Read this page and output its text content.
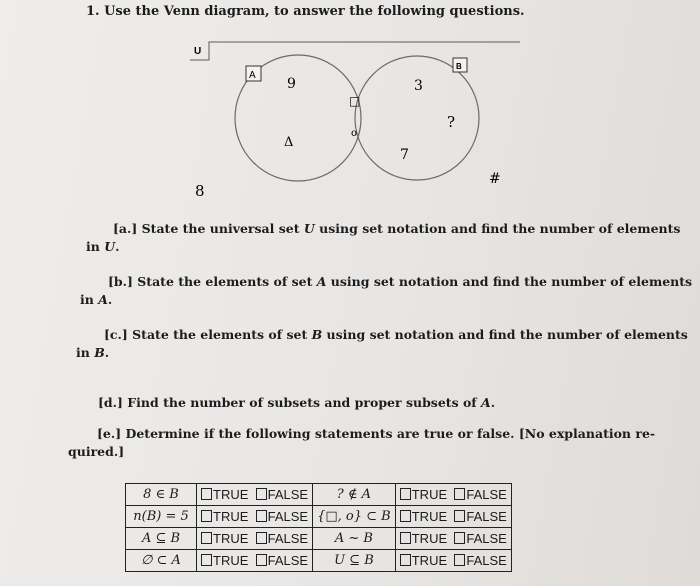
1. Use the Venn diagram, to answer the following questions.
U
A
B
9
Δ
□
o
3
?
7
8
#
[a.] State the universal set U using set notation and find the number of elements
in U.
[b.] State the elements of set A using set notation and find the number of elements
in A.
[c.] State the elements of set B using set notation and find the number of elements
in B.
[d.] Find the number of subsets and proper subsets of A.
[e.] Determine if the following statements are true or false. [No explanation re-
quired.]
8 ∈ B	TRUE FALSE	? ∉ A	TRUE FALSE
n(B) = 5	TRUE FALSE	{□, o} ⊂ B	TRUE FALSE
A ⊆ B	TRUE FALSE	A ~ B	TRUE FALSE
∅ ⊂ A	TRUE FALSE	U ⊆ B	TRUE FALSE
